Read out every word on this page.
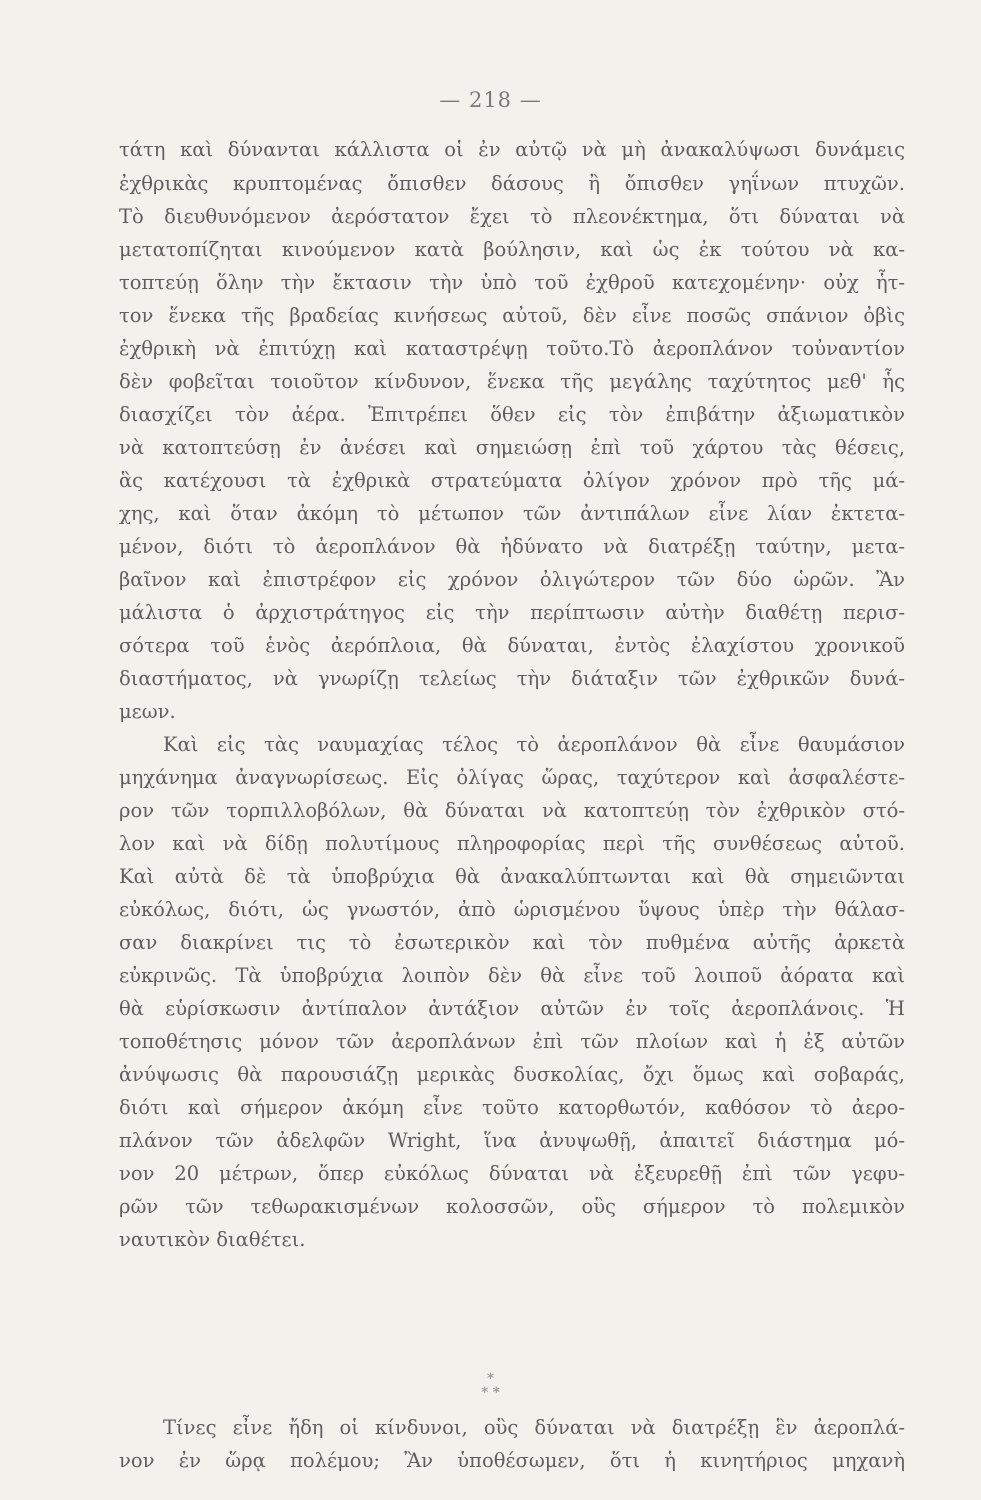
— 218 —
τάτη καὶ δύνανται κάλλιστα οἱ ἐν αὐτῷ νὰ μὴ ἀνακαλύψωσι δυνάμεις
ἐχθρικὰς κρυπτομένας ὄπισθεν δάσους ἢ ὄπισθεν γηΐνων πτυχῶν.
Τὸ διευθυνόμενον ἀερόστατον ἔχει τὸ πλεονέκτημα, ὅτι δύναται νὰ
μετατοπίζηται κινούμενον κατὰ βούλησιν, καὶ ὡς ἐκ τούτου νὰ κα-
τοπτεύῃ ὅλην τὴν ἔκτασιν τὴν ὑπὸ τοῦ ἐχθροῦ κατεχομένην· οὐχ ἧτ-
τον ἕνεκα τῆς βραδείας κινήσεως αὐτοῦ, δὲν εἶνε ποσῶς σπάνιον ὀβὶς
ἐχθρικὴ νὰ ἐπιτύχῃ καὶ καταστρέψῃ τοῦτο.Τὸ ἀεροπλάνον τοὐναντίον
δὲν φοβεῖται τοιοῦτον κίνδυνον, ἕνεκα τῆς μεγάλης ταχύτητος μεθ' ἧς
διασχίζει τὸν ἀέρα. Ἐπιτρέπει ὅθεν εἰς τὸν ἐπιβάτην ἀξιωματικὸν
νὰ κατοπτεύσῃ ἐν ἀνέσει καὶ σημειώσῃ ἐπὶ τοῦ χάρτου τὰς θέσεις,
ἃς κατέχουσι τὰ ἐχθρικὰ στρατεύματα ὀλίγον χρόνον πρὸ τῆς μά-
χης, καὶ ὅταν ἀκόμη τὸ μέτωπον τῶν ἀντιπάλων εἶνε λίαν ἐκτετα-
μένον, διότι τὸ ἀεροπλάνον θὰ ἠδύνατο νὰ διατρέξῃ ταύτην, μετα-
βαῖνον καὶ ἐπιστρέφον εἰς χρόνον ὀλιγώτερον τῶν δύο ὡρῶν. Ἂν
μάλιστα ὁ ἀρχιστράτηγος εἰς τὴν περίπτωσιν αὐτὴν διαθέτῃ περισ-
σότερα τοῦ ἑνὸς ἀερόπλοια, θὰ δύναται, ἐντὸς ἐλαχίστου χρονικοῦ
διαστήματος, νὰ γνωρίζῃ τελείως τὴν διάταξιν τῶν ἐχθρικῶν δυνά-
μεων.
Καὶ εἰς τὰς ναυμαχίας τέλος τὸ ἀεροπλάνον θὰ εἶνε θαυμάσιον
μηχάνημα ἀναγνωρίσεως. Εἰς ὀλίγας ὥρας, ταχύτερον καὶ ἀσφαλέστε-
ρον τῶν τορπιλλοβόλων, θὰ δύναται νὰ κατοπτεύῃ τὸν ἐχθρικὸν στό-
λον καὶ νὰ δίδῃ πολυτίμους πληροφορίας περὶ τῆς συνθέσεως αὐτοῦ.
Καὶ αὐτὰ δὲ τὰ ὑποβρύχια θὰ ἀνακαλύπτωνται καὶ θὰ σημειῶνται
εὐκόλως, διότι, ὡς γνωστόν, ἀπὸ ὡρισμένου ὕψους ὑπὲρ τὴν θάλασ-
σαν διακρίνει τις τὸ ἐσωτερικὸν καὶ τὸν πυθμένα αὐτῆς ἀρκετὰ
εὐκρινῶς. Τὰ ὑποβρύχια λοιπὸν δὲν θὰ εἶνε τοῦ λοιποῦ ἀόρατα καὶ
θὰ εὑρίσκωσιν ἀντίπαλον ἀντάξιον αὐτῶν ἐν τοῖς ἀεροπλάνοις. Ἡ
τοποθέτησις μόνον τῶν ἀεροπλάνων ἐπὶ τῶν πλοίων καὶ ἡ ἐξ αὐτῶν
ἀνύψωσις θὰ παρουσιάζῃ μερικὰς δυσκολίας, ὄχι ὅμως καὶ σοβαράς,
διότι καὶ σήμερον ἀκόμη εἶνε τοῦτο κατορθωτόν, καθόσον τὸ ἀερο-
πλάνον τῶν ἀδελφῶν Wright, ἵνα ἀνυψωθῇ, ἀπαιτεῖ διάστημα μό-
νον 20 μέτρων, ὅπερ εὐκόλως δύναται νὰ ἐξευρεθῇ ἐπὶ τῶν γεφυ-
ρῶν τῶν τεθωρακισμένων κολοσσῶν, οὓς σήμερον τὸ πολεμικὸν
ναυτικὸν διαθέτει.
*
* *
Τίνες εἶνε ἤδη οἱ κίνδυνοι, οὓς δύναται νὰ διατρέξῃ ἓν ἀεροπλά-
νον ἐν ὥρᾳ πολέμου; Ἂν ὑποθέσωμεν, ὅτι ἡ κινητήριος μηχανὴ
